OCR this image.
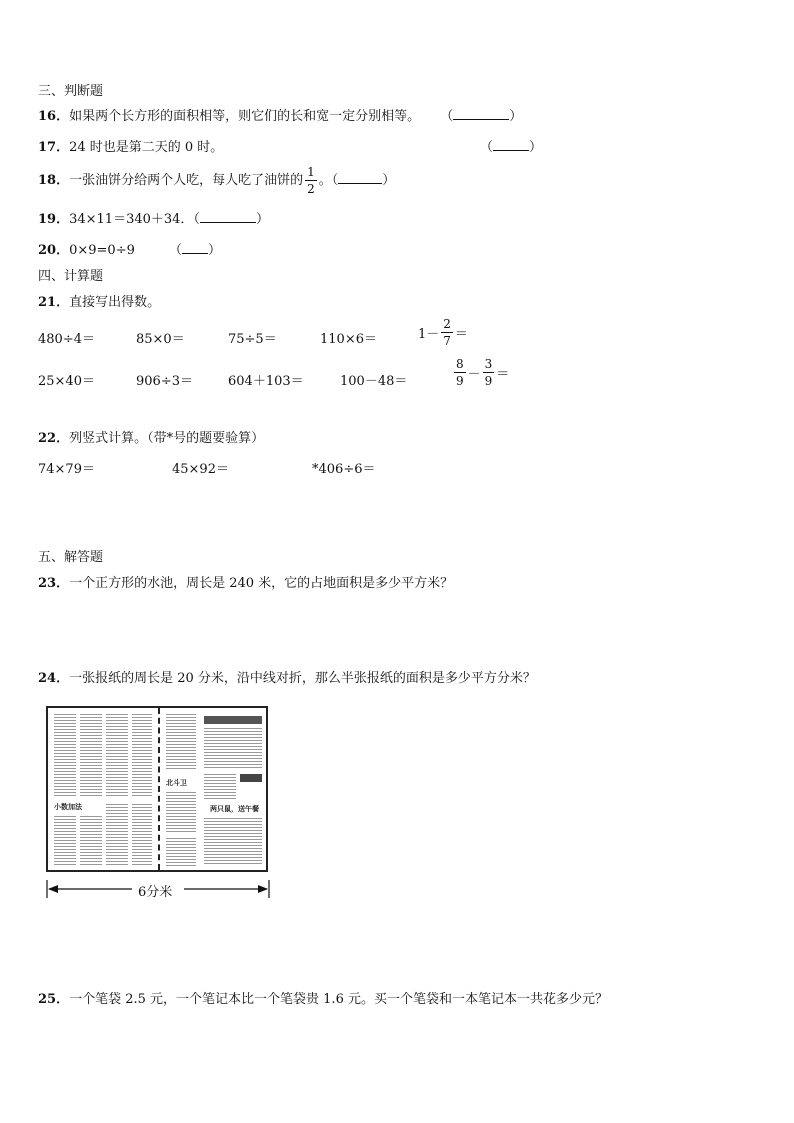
三、判断题
16．如果两个长方形的面积相等，则它们的长和宽一定分别相等。 （	）
17．24 时也是第二天的 0 时。	（	）
18．一张油饼分给两个人吃，每人吃了油饼的 $\frac{1}{2}$ 。（	）
19．34×11＝340＋34．（	）
20．0×9=0÷9	（ ）
四、计算题
21．直接写出得数。
480÷4＝	85×0＝	75÷5＝	110×6＝	$1- \frac{2}{7}$ ＝
25×40＝	906÷3＝	604＋103＝	100－48＝	$\frac{8}{9} - \frac{3}{9}$ ＝
22．列竖式计算。（带*号的题要验算）
74×79＝	45×92＝	*406÷6＝
五、解答题
23．一个正方形的水池，周长是 240 米，它的占地面积是多少平方米？
24．一张报纸的周长是 20 分米，沿中线对折，那么半张报纸的面积是多少平方分米？
小数加法
北斗卫
两只鼠，送午餐
6分米
25．一个笔袋 2.5 元，一个笔记本比一个笔袋贵 1.6 元。买一个笔袋和一本笔记本一共花多少元？
